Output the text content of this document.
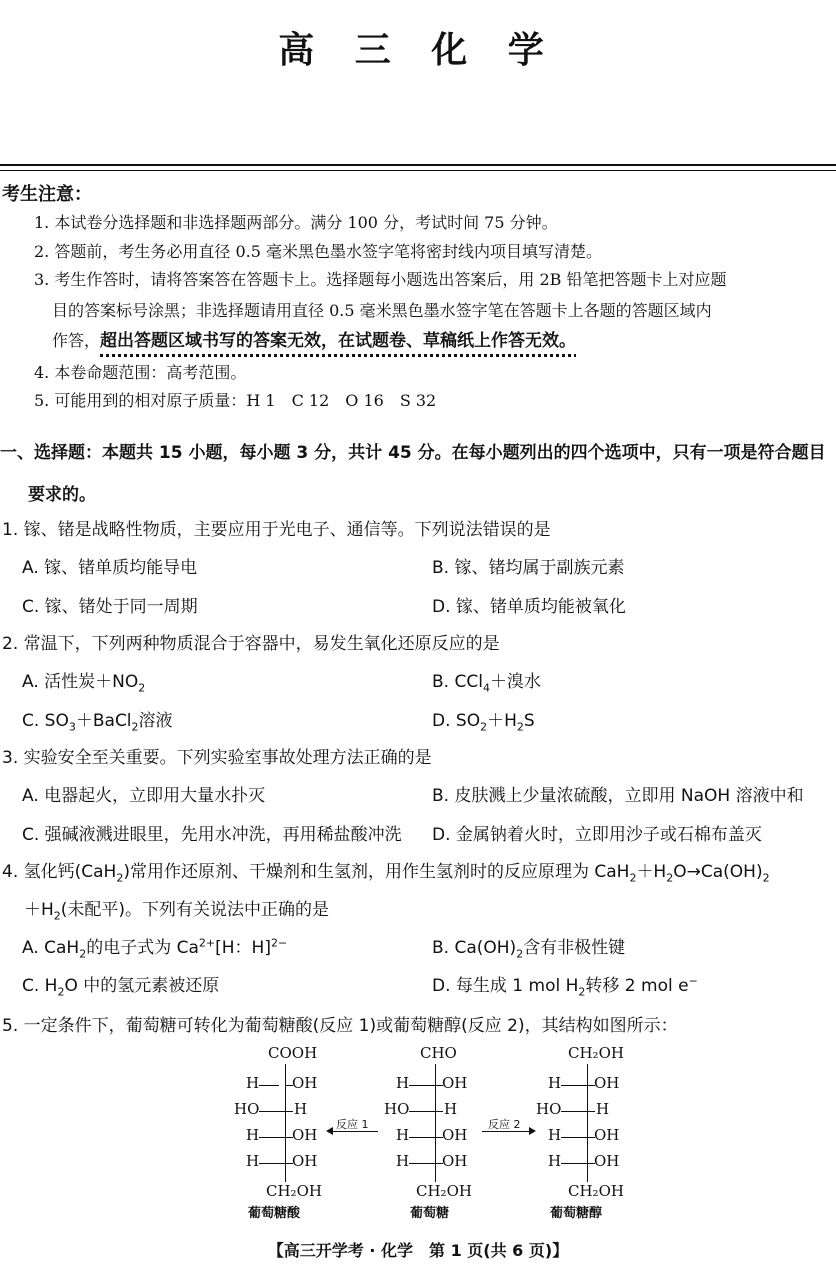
高 三 化 学
考生注意：
1. 本试卷分选择题和非选择题两部分。满分 100 分，考试时间 75 分钟。
2. 答题前，考生务必用直径 0.5 毫米黑色墨水签字笔将密封线内项目填写清楚。
3. 考生作答时，请将答案答在答题卡上。选择题每小题选出答案后，用 2B 铅笔把答题卡上对应题
目的答案标号涂黑；非选择题请用直径 0.5 毫米黑色墨水签字笔在答题卡上各题的答题区域内
作答，超出答题区域书写的答案无效，在试题卷、草稿纸上作答无效。
4. 本卷命题范围：高考范围。
5. 可能用到的相对原子质量：H 1　C 12　O 16　S 32
一、选择题：本题共 15 小题，每小题 3 分，共计 45 分。在每小题列出的四个选项中，只有一项是符合题目
要求的。
1. 镓、锗是战略性物质，主要应用于光电子、通信等。下列说法错误的是
A. 镓、锗单质均能导电	B. 镓、锗均属于副族元素
C. 镓、锗处于同一周期	D. 镓、锗单质均能被氧化
2. 常温下，下列两种物质混合于容器中，易发生氧化还原反应的是
A. 活性炭$+NO_2$	B. CCl$_4$＋溴水
C. $SO_3+BaCl_2$溶液	D. $SO_2+H_2S$
3. 实验安全至关重要。下列实验室事故处理方法正确的是
A. 电器起火，立即用大量水扑灭	B. 皮肤溅上少量浓硫酸，立即用 NaOH 溶液中和
C. 强碱液溅进眼里，先用水冲洗，再用稀盐酸冲洗 D. 金属钠着火时，立即用沙子或石棉布盖灭
4. 氢化钙(CaH$_2$)常用作还原剂、干燥剂和生氢剂，用作生氢剂时的反应原理为 $CaH_2+H_2O\to Ca(OH)_2$
$+H_2$(未配平)。下列有关说法中正确的是
A. CaH$_2$的电子式为 $Ca^{2+}[H$：H]$^{2-}$	B. $Ca(OH)_2$含有非极性键
C. $H_2O$ 中的氢元素被还原	D. 每生成 1 mol $H_2$转移 2 mol e−
5. 一定条件下，葡萄糖可转化为葡萄糖酸(反应 1)或葡萄糖醇(反应 2)，其结构如图所示：
COOH
H OH
HO H
H OH
H OH
CH₂OH
葡萄糖酸
反应 1
CHO
H OH
HO H
H OH
H OH
CH₂OH
葡萄糖
反应 2
CH₂OH
H OH
HO H
H OH
H OH
CH₂OH
葡萄糖醇
【高三开学考 · 化学　第 1 页(共 6 页)】
